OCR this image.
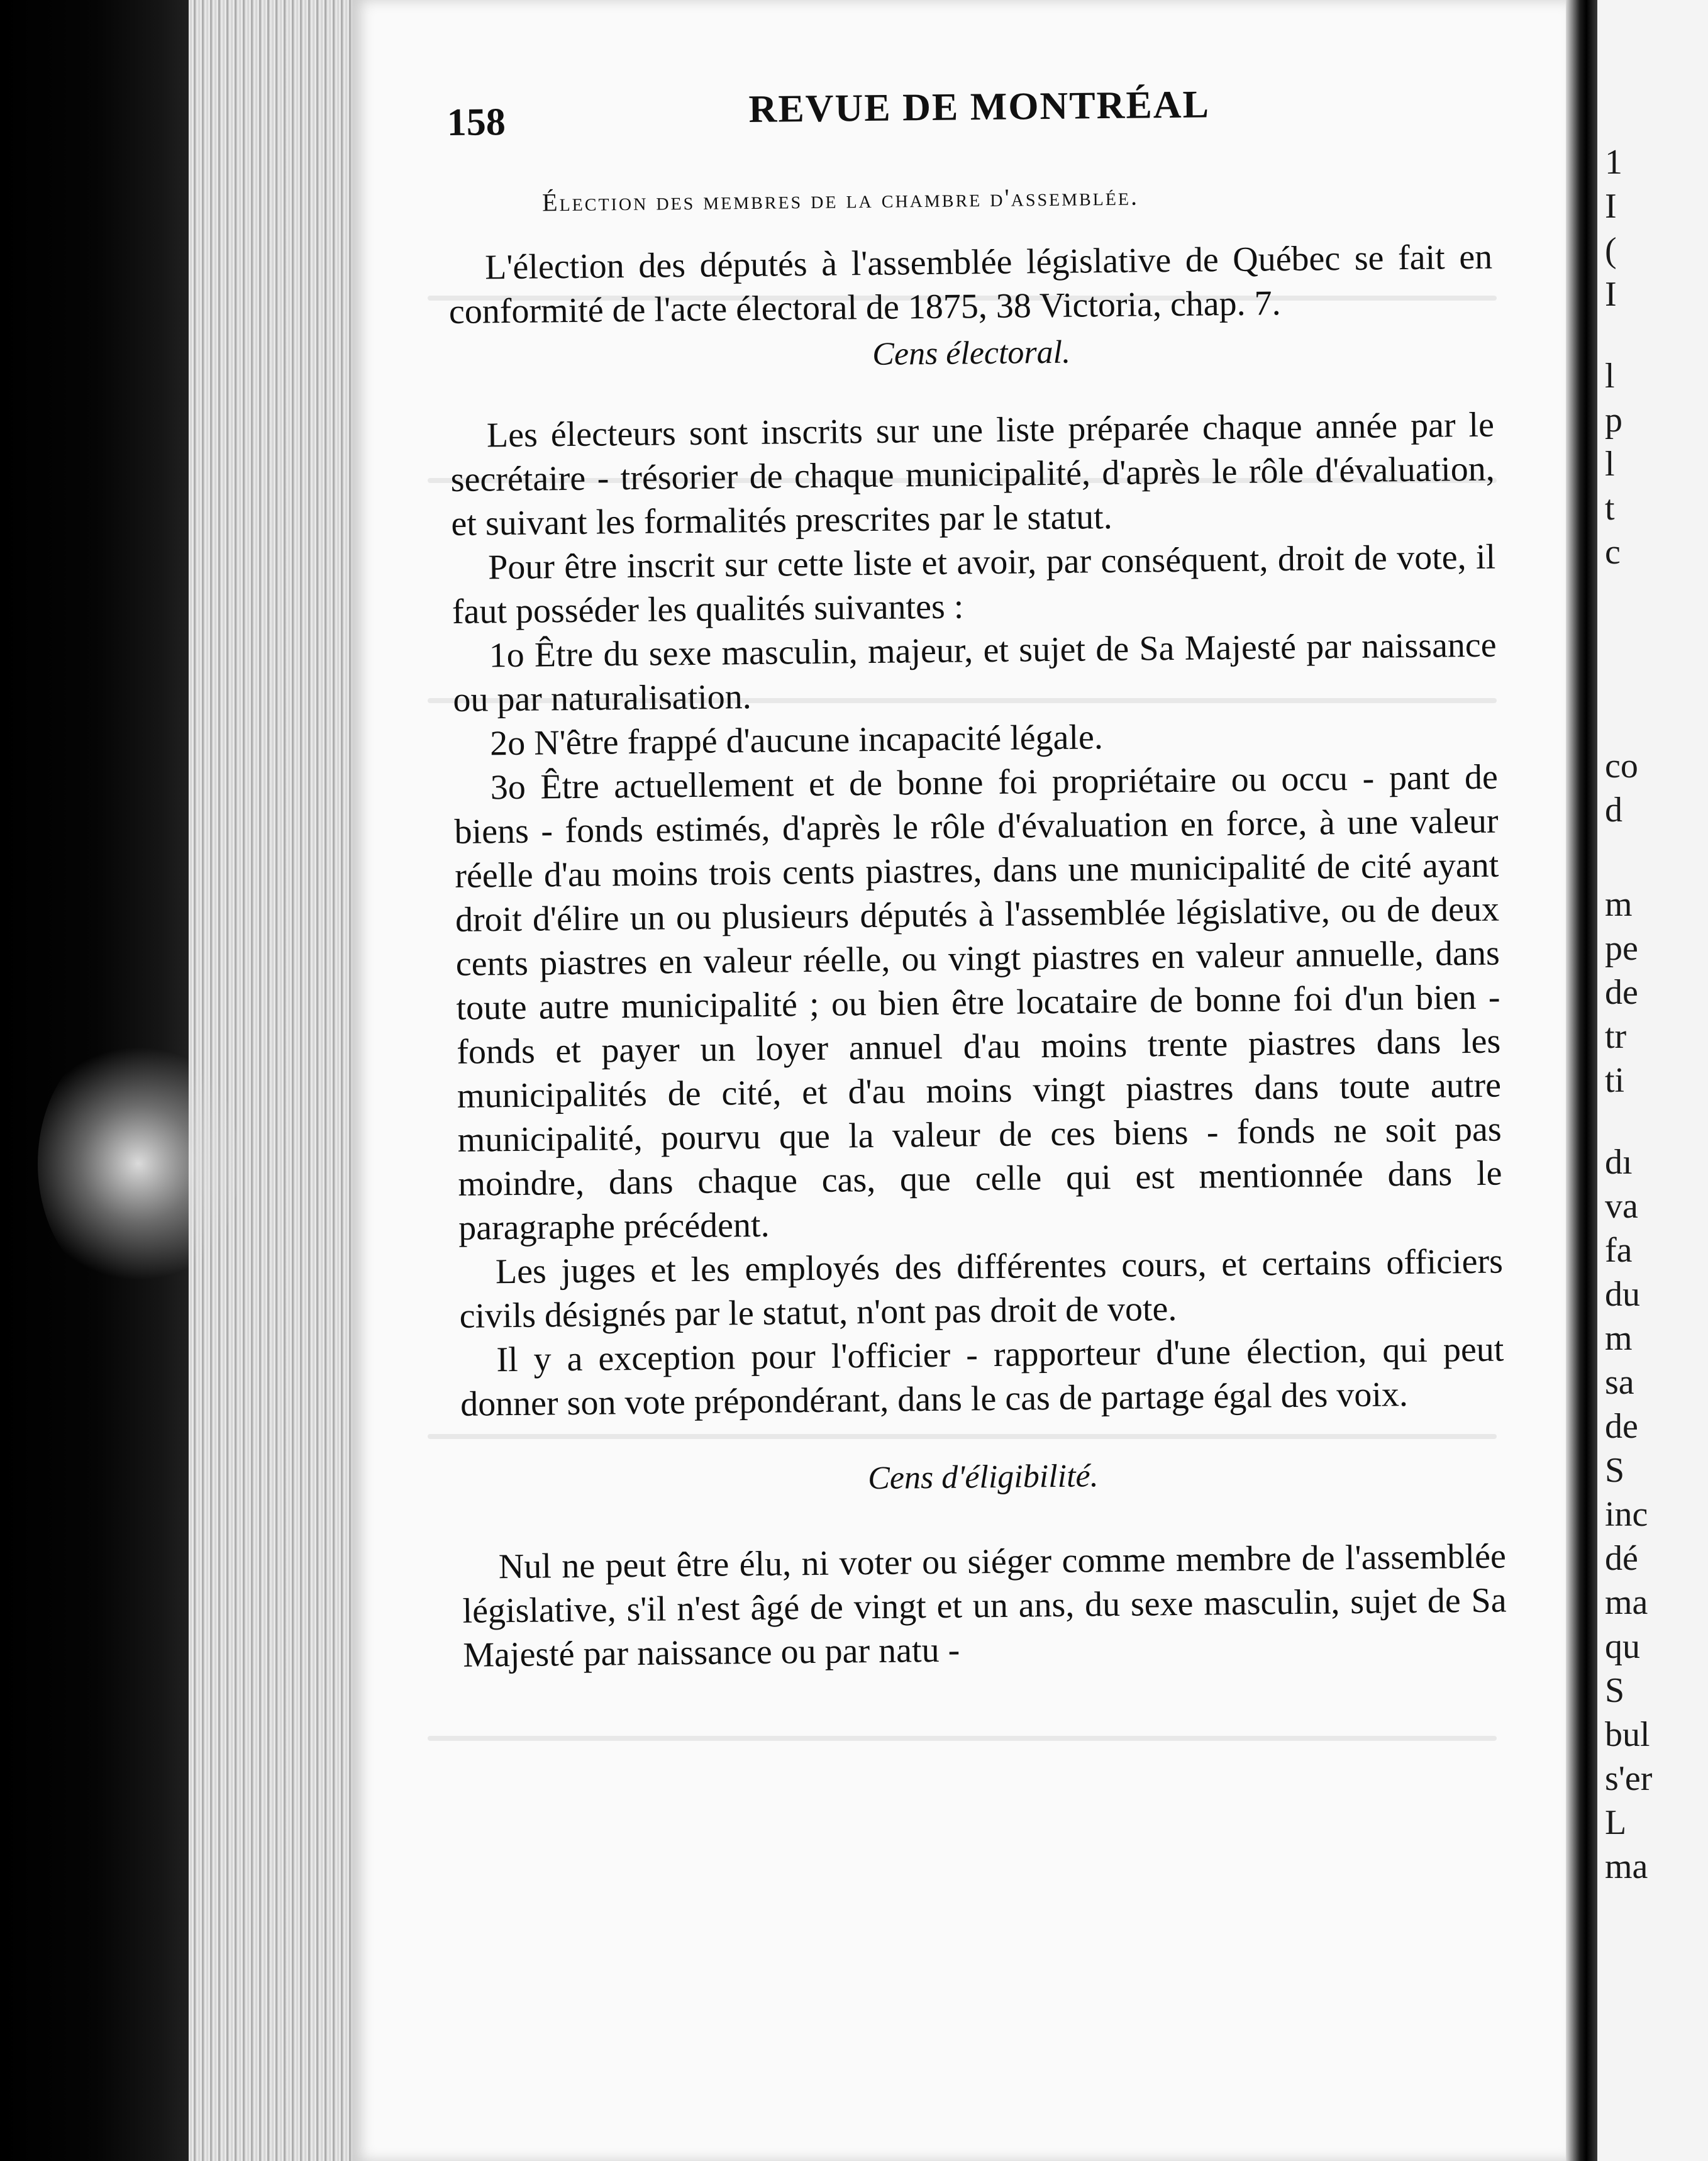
158	REVUE DE MONTRÉAL
Élection des membres de la chambre d'assemblée.

L'élection des députés à l'assemblée législative de Québec se fait en conformité de l'acte électoral de 1875, 38 Victoria, chap. 7.

Cens électoral.

Les électeurs sont inscrits sur une liste préparée chaque année par le secrétaire - trésorier de chaque municipalité, d'après le rôle d'évaluation, et suivant les formalités prescrites par le statut.

Pour être inscrit sur cette liste et avoir, par conséquent, droit de vote, il faut posséder les qualités suivantes :

1o Être du sexe masculin, majeur, et sujet de Sa Majesté par naissance ou par naturalisation.

2o N'être frappé d'aucune incapacité légale.

3o Être actuellement et de bonne foi propriétaire ou occu - pant de biens - fonds estimés, d'après le rôle d'évaluation en force, à une valeur réelle d'au moins trois cents piastres, dans une municipalité de cité ayant droit d'élire un ou plusieurs députés à l'assemblée législative, ou de deux cents piastres en valeur réelle, ou vingt piastres en valeur annuelle, dans toute autre municipalité ; ou bien être locataire de bonne foi d'un bien - fonds et payer un loyer annuel d'au moins trente piastres dans les municipalités de cité, et d'au moins vingt piastres dans toute autre municipalité, pourvu que la valeur de ces biens - fonds ne soit pas moindre, dans chaque cas, que celle qui est mentionnée dans le paragraphe précédent.

Les juges et les employés des différentes cours, et certains officiers civils désignés par le statut, n'ont pas droit de vote.

Il y a exception pour l'officier - rapporteur d'une élection, qui peut donner son vote prépondérant, dans le cas de partage égal des voix.

Cens d'éligibilité.

Nul ne peut être élu, ni voter ou siéger comme membre de l'assemblée législative, s'il n'est âgé de vingt et un ans, du sexe masculin, sujet de Sa Majesté par naissance ou par natu -

1
I
(
I
l
p
l
t
c
co
d
m
pe
de
tr
ti
dı
va
fa
du
m
sa
de
S
inc
dé
ma
qu
S
bul
s'er
L
ma
